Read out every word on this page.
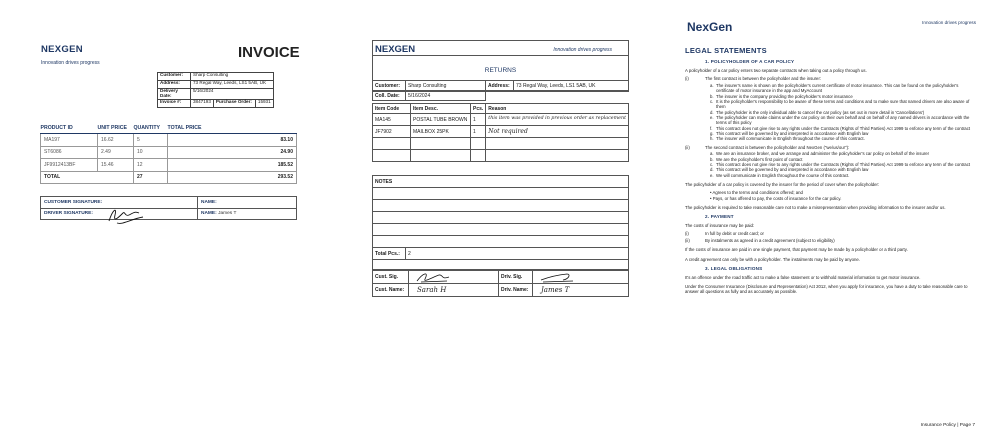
NEXGEN
Innovation drives progress
INVOICE
Customer:	Sharp Consulting		
Address:	73 Regal Way, Leeds, LS1 5AB, UK		
Delivery Date:	5/16/2024		
Invoice #:	3847193	Purchase Order:	15931
PRODUCT ID	UNIT PRICE	QUANTITY	TOTAL PRICE
MA197	16.62	5	83.10
ST6086	2.49	10	24.90
JF9912413BF	15.46	12	185.52
TOTAL		27	293.52
CUSTOMER SIGNATURE:	NAME:
DRIVER SIGNATURE:	NAME: James T
NEXGEN	Innovation drives progress
RETURNS
Customer:	Sharp Consulting	Address:	73 Regal Way, Leeds, LS1 5AB, UK
Coll. Date:	5/16/2024		
Item Code	Item Desc.	Pcs.	Reason
MA145	POSTAL TUBE BROWN	1	this item was provided in previous order as replacement
JF7902	MAILBOX 25PK	1	Not required

NOTES

Total Pcs.:	2

Cust. Sig.		Driv. Sig.	

Cust. Name:	Sarah H	Driv. Name:	James T
NexGen	Innovation drives progress
LEGAL STATEMENTS
1. POLICYHOLDER OF A CAR POLICY

A policyholder of a car policy enters two separate contracts when taking out a policy through us.

(i)	The first contract is between the policyholder and the insurer:
a. The insurer's name is shown on the policyholder's current certificate of motor insurance. This can be found on the policyholder's certificate of motor insurance in the app and MyAccount
b. The insurer is the company providing the policyholder's motor insurance
c. It is the policyholder's responsibility to be aware of these terms and conditions and to make sure that named drivers are also aware of them
d. The policyholder is the only individual able to cancel the car policy (as set out in more detail in 'Cancellations')
e. The policyholder can make claims under the car policy on their own behalf and on behalf of any named drivers in accordance with the terms of this policy
f. This contract does not give rise to any rights under the Contracts (Rights of Third Parties) Act 1999 to enforce any term of the contract
g. This contract will be governed by and interpreted in accordance with English law
h. The insurer will communicate in English throughout the course of this contract.
(ii)	The second contract is between the policyholder and NexGen ("we/us/our"):
a. We are an insurance broker, and we arrange and administer the policyholder's car policy on behalf of the insurer
b. We are the policyholder's first point of contact
c. This contract does not give rise to any rights under the Contracts (Rights of Third Parties) Act 1999 to enforce any term of the contract
d. This contract will be governed by and interpreted in accordance with English law
e. We will communicate in English throughout the course of this contract.

The policyholder of a car policy is covered by the insurer for the period of cover when the policyholder:

• Agrees to the terms and conditions offered; and
• Pays, or has offered to pay, the costs of insurance for the car policy.

The policyholder is required to take reasonable care not to make a misrepresentation when providing information to the insurer and/or us.

2. PAYMENT

The costs of insurance may be paid:

(i)	In full by debit or credit card; or
(ii)	By instalments as agreed in a credit agreement (subject to eligibility)

If the costs of insurance are paid in one single payment, that payment may be made by a policyholder or a third party.

A credit agreement can only be with a policyholder. The instalments may be paid by anyone.

3. LEGAL OBLIGATIONS

It's an offence under the road traffic act to make a false statement or to withhold material information to get motor insurance.

Under the Consumer Insurance (Disclosure and Representation) Act 2012, when you apply for insurance, you have a duty to take reasonable care to answer all questions as fully and as accurately as possible.

Insurance Policy | Page 7
